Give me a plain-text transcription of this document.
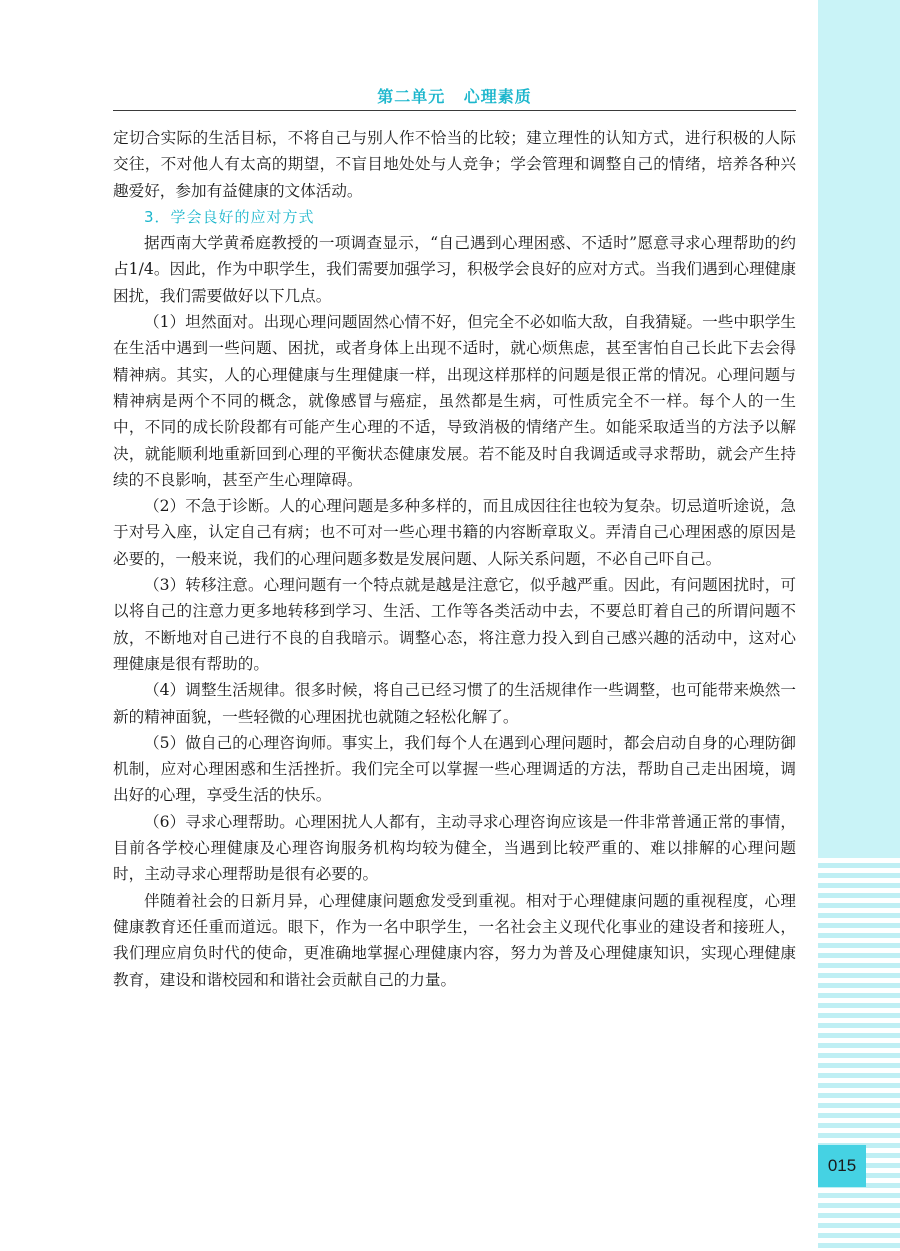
015
第二单元 心理素质

定切合实际的生活目标，不将自己与别人作不恰当的比较；建立理性的认知方式，进行积极的人际交往，不对他人有太高的期望，不盲目地处处与人竞争；学会管理和调整自己的情绪，培养各种兴趣爱好，参加有益健康的文体活动。

3．学会良好的应对方式

据西南大学黄希庭教授的一项调查显示，“自己遇到心理困惑、不适时”愿意寻求心理帮助的约占1/4。因此，作为中职学生，我们需要加强学习，积极学会良好的应对方式。当我们遇到心理健康困扰，我们需要做好以下几点。

（1）坦然面对。出现心理问题固然心情不好，但完全不必如临大敌，自我猜疑。一些中职学生在生活中遇到一些问题、困扰，或者身体上出现不适时，就心烦焦虑，甚至害怕自己长此下去会得精神病。其实，人的心理健康与生理健康一样，出现这样那样的问题是很正常的情况。心理问题与精神病是两个不同的概念，就像感冒与癌症，虽然都是生病，可性质完全不一样。每个人的一生中，不同的成长阶段都有可能产生心理的不适，导致消极的情绪产生。如能采取适当的方法予以解决，就能顺利地重新回到心理的平衡状态健康发展。若不能及时自我调适或寻求帮助，就会产生持续的不良影响，甚至产生心理障碍。

（2）不急于诊断。人的心理问题是多种多样的，而且成因往往也较为复杂。切忌道听途说，急于对号入座，认定自己有病；也不可对一些心理书籍的内容断章取义。弄清自己心理困惑的原因是必要的，一般来说，我们的心理问题多数是发展问题、人际关系问题，不必自己吓自己。

（3）转移注意。心理问题有一个特点就是越是注意它，似乎越严重。因此，有问题困扰时，可以将自己的注意力更多地转移到学习、生活、工作等各类活动中去，不要总盯着自己的所谓问题不放，不断地对自己进行不良的自我暗示。调整心态，将注意力投入到自己感兴趣的活动中，这对心理健康是很有帮助的。

（4）调整生活规律。很多时候，将自己已经习惯了的生活规律作一些调整，也可能带来焕然一新的精神面貌，一些轻微的心理困扰也就随之轻松化解了。

（5）做自己的心理咨询师。事实上，我们每个人在遇到心理问题时，都会启动自身的心理防御机制，应对心理困惑和生活挫折。我们完全可以掌握一些心理调适的方法，帮助自己走出困境，调出好的心理，享受生活的快乐。

（6）寻求心理帮助。心理困扰人人都有，主动寻求心理咨询应该是一件非常普通正常的事情，目前各学校心理健康及心理咨询服务机构均较为健全，当遇到比较严重的、难以排解的心理问题时，主动寻求心理帮助是很有必要的。

伴随着社会的日新月异，心理健康问题愈发受到重视。相对于心理健康问题的重视程度，心理健康教育还任重而道远。眼下，作为一名中职学生，一名社会主义现代化事业的建设者和接班人，我们理应肩负时代的使命，更准确地掌握心理健康内容，努力为普及心理健康知识，实现心理健康教育，建设和谐校园和和谐社会贡献自己的力量。
